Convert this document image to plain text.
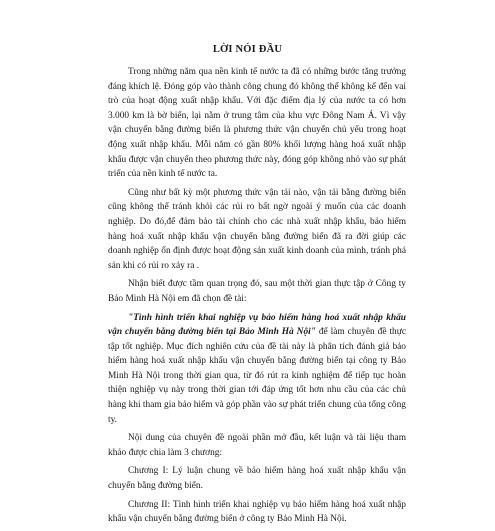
LỜI NÓI ĐẦU

Trong những năm qua nền kinh tế nước ta đã có những bước tăng trưởng đáng khích lệ. Đóng góp vào thành công chung đó không thể không kể đến vai trò của hoạt động xuất nhập khẩu. Với đặc điểm địa lý của nước ta có hơn 3.000 km là bờ biển, lại nằm ở trung tâm của khu vực Đông Nam Á. Vì vậy vận chuyển bằng đường biển là phương thức vận chuyển chủ yếu trong hoạt động xuất nhập khẩu. Mỗi năm có gần 80% khối lượng hàng hoá xuất nhập khẩu được vận chuyển theo phương thức này, đóng góp không nhỏ vào sự phát triển của nền kinh tế nước ta.

Cũng như bất kỳ một phương thức vận tải nào, vận tải bằng đường biển cũng không thể tránh khỏi các rủi ro bất ngờ ngoài ý muốn của các doanh nghiệp. Do đó,để đảm bảo tài chính cho các nhà xuất nhập khẩu, bảo hiểm hàng hoá xuất nhập khẩu vận chuyển bằng đường biển đã ra đời giúp các doanh nghiệp ổn định được hoạt động sản xuất kinh doanh của mình, tránh phá sản khi có rủi ro xảy ra .

Nhận biết được tầm quan trọng đó, sau một thời gian thực tập ở Công ty Bảo Minh Hà Nội em đã chọn đề tài:

"Tình hình triển khai nghiệp vụ bảo hiểm hàng hoá xuất nhập khẩu vận chuyển bằng đường biển tại Bảo Minh Hà Nội" để làm chuyên đề thực tập tốt nghiệp. Mục đích nghiên cứu của đề tài này là phân tích đánh giá bảo hiểm hàng hoá xuất nhập khẩu vận chuyển bằng đường biển tại công ty Bảo Minh Hà Nội trong thời gian qua, từ đó rút ra kinh nghiệm để tiếp tục hoàn thiện nghiệp vụ này trong thời gian tới đáp ứng tốt hơn nhu cầu của các chủ hàng khi tham gia bảo hiểm và góp phần vào sự phát triển chung của tổng công ty.

Nội dung của chuyên đề ngoài phần mở đầu, kết luận và tài liệu tham khảo được chia làm 3 chương:

Chương I: Lý luận chung về bảo hiểm hàng hoá xuất nhập khẩu vận chuyển bằng đường biển.

Chương II: Tình hình triển khai nghiệp vụ bảo hiểm hàng hoá xuất nhập khẩu vận chuyển bằng đường biển ở công ty Bảo Minh Hà Nội.
